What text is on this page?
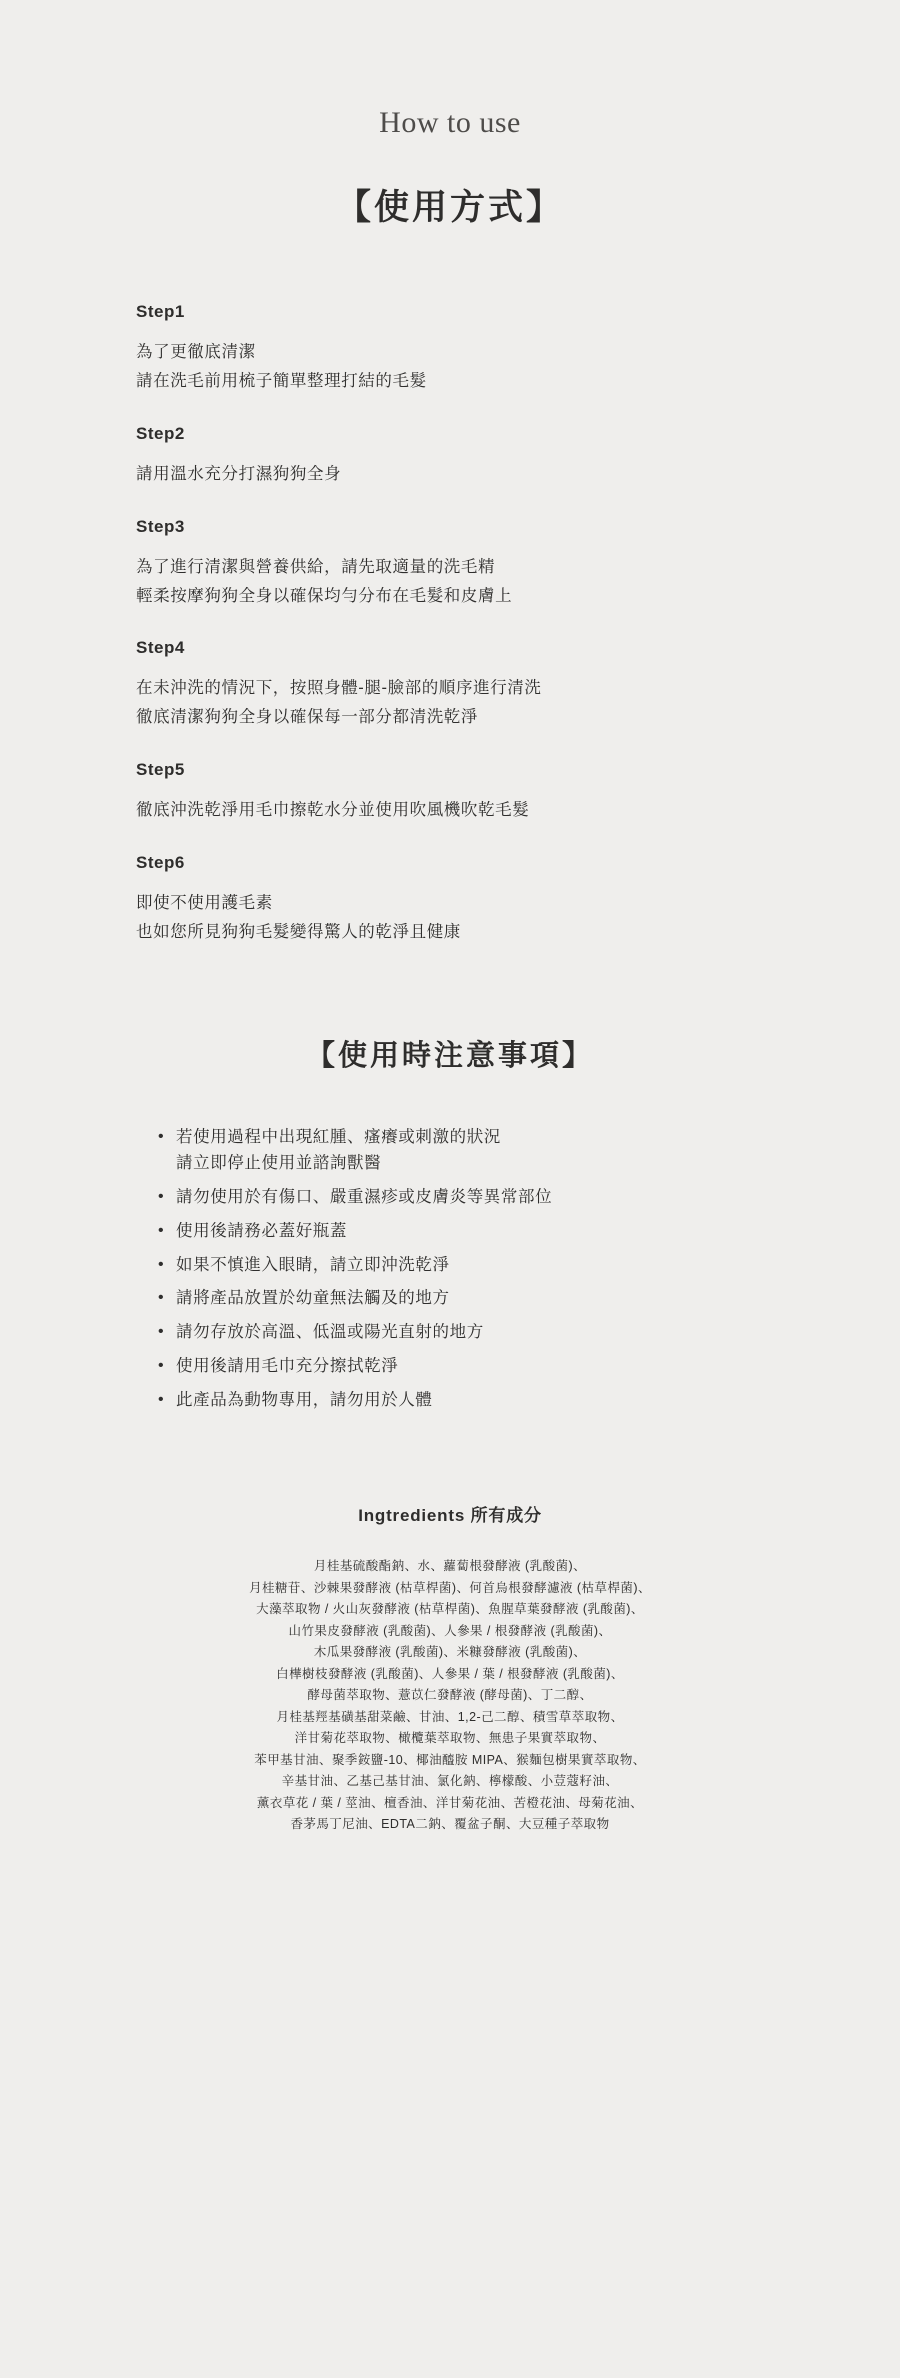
How to use
【使用方式】
Step1
為了更徹底清潔
請在洗毛前用梳子簡單整理打結的毛髮
Step2
請用溫水充分打濕狗狗全身
Step3
為了進行清潔與營養供給，請先取適量的洗毛精
輕柔按摩狗狗全身以確保均勻分布在毛髮和皮膚上
Step4
在未沖洗的情況下，按照身體-腿-臉部的順序進行清洗
徹底清潔狗狗全身以確保每一部分都清洗乾淨
Step5
徹底沖洗乾淨用毛巾擦乾水分並使用吹風機吹乾毛髮
Step6
即使不使用護毛素
也如您所見狗狗毛髮變得驚人的乾淨且健康
【使用時注意事項】
• 若使用過程中出現紅腫、瘙癢或刺激的狀況
請立即停止使用並諮詢獸醫
• 請勿使用於有傷口、嚴重濕疹或皮膚炎等異常部位
• 使用後請務必蓋好瓶蓋
• 如果不慎進入眼睛，請立即沖洗乾淨
• 請將產品放置於幼童無法觸及的地方
• 請勿存放於高溫、低溫或陽光直射的地方
• 使用後請用毛巾充分擦拭乾淨
• 此產品為動物專用，請勿用於人體
Ingtredients 所有成分
月桂基硫酸酯鈉、水、蘿蔔根發酵液 (乳酸菌)、
月桂糖苷、沙棘果發酵液 (枯草桿菌)、何首烏根發酵濾液 (枯草桿菌)、
大藻萃取物 / 火山灰發酵液 (枯草桿菌)、魚腥草葉發酵液 (乳酸菌)、
山竹果皮發酵液 (乳酸菌)、人參果 / 根發酵液 (乳酸菌)、
木瓜果發酵液 (乳酸菌)、米糠發酵液 (乳酸菌)、
白樺樹枝發酵液 (乳酸菌)、人參果 / 葉 / 根發酵液 (乳酸菌)、
酵母菌萃取物、薏苡仁發酵液 (酵母菌)、丁二醇、
月桂基羥基磺基甜菜鹼、甘油、1,2-己二醇、積雪草萃取物、
洋甘菊花萃取物、橄欖葉萃取物、無患子果實萃取物、
苯甲基甘油、聚季銨鹽-10、椰油醯胺 MIPA、猴麵包樹果實萃取物、
辛基甘油、乙基己基甘油、氯化鈉、檸檬酸、小荳蔻籽油、
薰衣草花 / 葉 / 莖油、檀香油、洋甘菊花油、苦橙花油、母菊花油、
香茅馬丁尼油、EDTA二鈉、覆盆子酮、大豆種子萃取物
